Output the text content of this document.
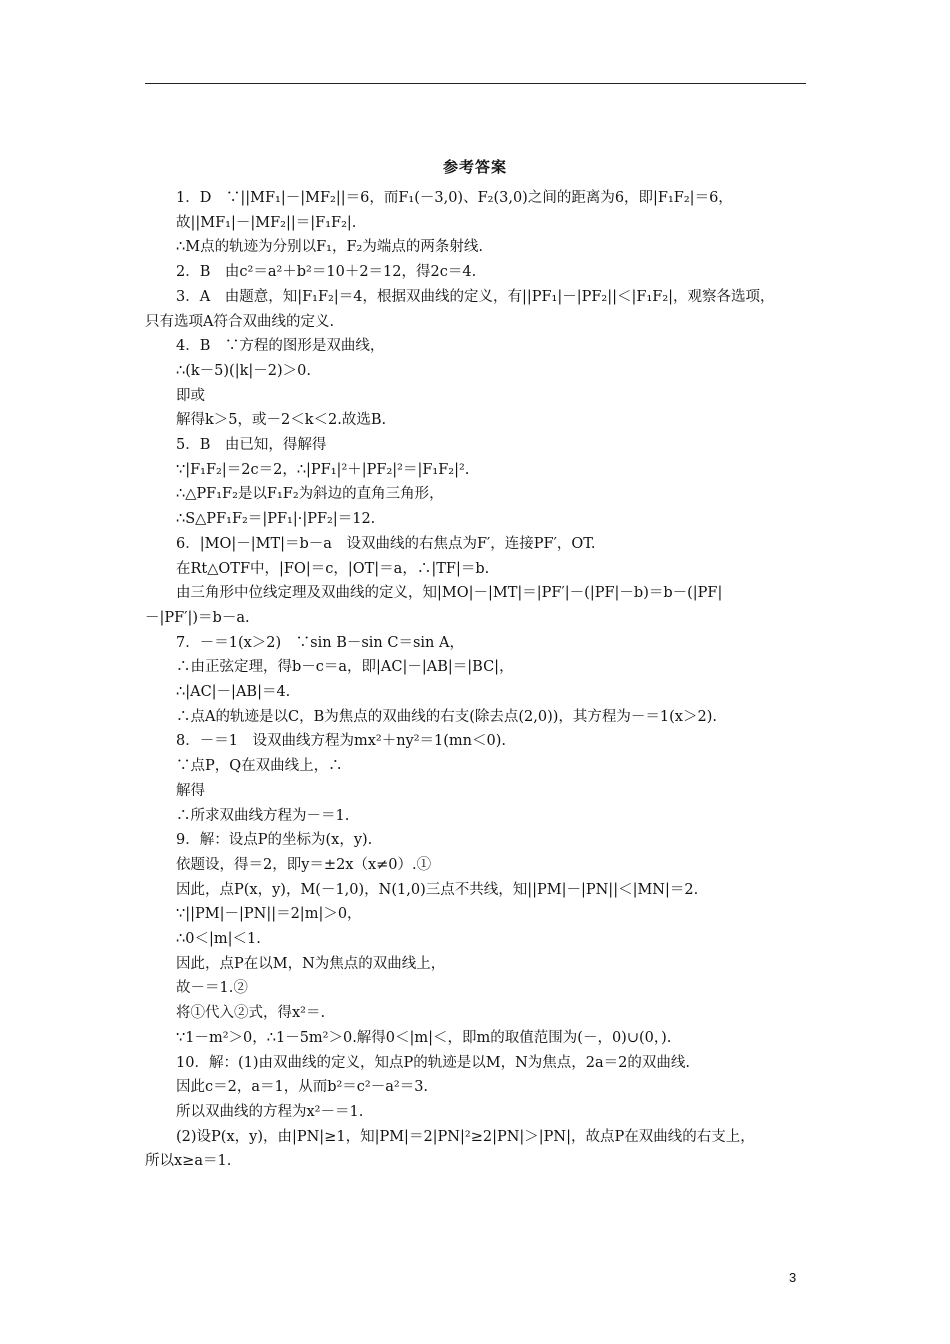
参考答案
1．D　∵||MF₁|－|MF₂||＝6，而F₁(－3,0)、F₂(3,0)之间的距离为6，即|F₁F₂|＝6，
故||MF₁|－|MF₂||＝|F₁F₂|.
∴M点的轨迹为分别以F₁，F₂为端点的两条射线.
2．B　由c²＝a²＋b²＝10＋2＝12，得2c＝4.
3．A　由题意，知|F₁F₂|＝4，根据双曲线的定义，有||PF₁|－|PF₂||＜|F₁F₂|，观察各选项，
只有选项A符合双曲线的定义.
4．B　∵方程的图形是双曲线，
∴(k－5)(|k|－2)＞0.
即或
解得k＞5，或－2＜k＜2.故选B.
5．B　由已知，得解得
∵|F₁F₂|＝2c＝2，∴|PF₁|²＋|PF₂|²＝|F₁F₂|².
∴△PF₁F₂是以F₁F₂为斜边的直角三角形，
∴S△PF₁F₂＝|PF₁|·|PF₂|＝12.
6．|MO|－|MT|＝b－a　设双曲线的右焦点为F′，连接PF′，OT.
在Rt△OTF中，|FO|＝c，|OT|＝a，∴|TF|＝b.
由三角形中位线定理及双曲线的定义，知|MO|－|MT|＝|PF′|－(|PF|－b)＝b－(|PF|
－|PF′|)＝b－a.
7．－＝1(x＞2)　∵sin B－sin C＝sin A，
∴由正弦定理，得b－c＝a，即|AC|－|AB|＝|BC|，
∴|AC|－|AB|＝4.
∴点A的轨迹是以C，B为焦点的双曲线的右支(除去点(2,0))，其方程为－＝1(x＞2).
8．－＝1　设双曲线方程为mx²＋ny²＝1(mn＜0).
∵点P，Q在双曲线上，∴
解得
∴所求双曲线方程为－＝1.
9．解：设点P的坐标为(x，y).
依题设，得＝2，即y＝±2x（x≠0）.①
因此，点P(x，y)，M(－1,0)，N(1,0)三点不共线，知||PM|－|PN||＜|MN|＝2.
∵||PM|－|PN||＝2|m|＞0，
∴0＜|m|＜1.
因此，点P在以M，N为焦点的双曲线上，
故－＝1.②
将①代入②式，得x²＝.
∵1－m²＞0，∴1－5m²＞0.解得0＜|m|＜，即m的取值范围为(－，0)∪(0，).
10．解：(1)由双曲线的定义，知点P的轨迹是以M，N为焦点，2a＝2的双曲线.
因此c＝2，a＝1，从而b²＝c²－a²＝3.
所以双曲线的方程为x²－＝1.
(2)设P(x，y)，由|PN|≥1，知|PM|＝2|PN|²≥2|PN|＞|PN|，故点P在双曲线的右支上，
所以x≥a＝1.
3
